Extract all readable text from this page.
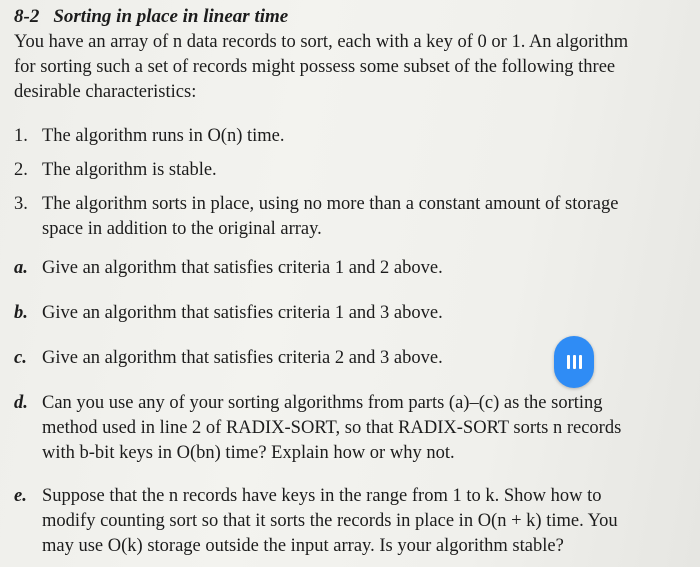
8-2 Sorting in place in linear time
You have an array of n data records to sort, each with a key of 0 or 1. An algorithm
for sorting such a set of records might possess some subset of the following three
desirable characteristics:
1. The algorithm runs in O(n) time.
2. The algorithm is stable.
3. The algorithm sorts in place, using no more than a constant amount of storage
space in addition to the original array.
a. Give an algorithm that satisfies criteria 1 and 2 above.
b. Give an algorithm that satisfies criteria 1 and 3 above.
c. Give an algorithm that satisfies criteria 2 and 3 above.
d. Can you use any of your sorting algorithms from parts (a)–(c) as the sorting
method used in line 2 of RADIX-SORT, so that RADIX-SORT sorts n records
with b-bit keys in O(bn) time? Explain how or why not.
e. Suppose that the n records have keys in the range from 1 to k. Show how to
modify counting sort so that it sorts the records in place in O(n + k) time. You
may use O(k) storage outside the input array. Is your algorithm stable?
